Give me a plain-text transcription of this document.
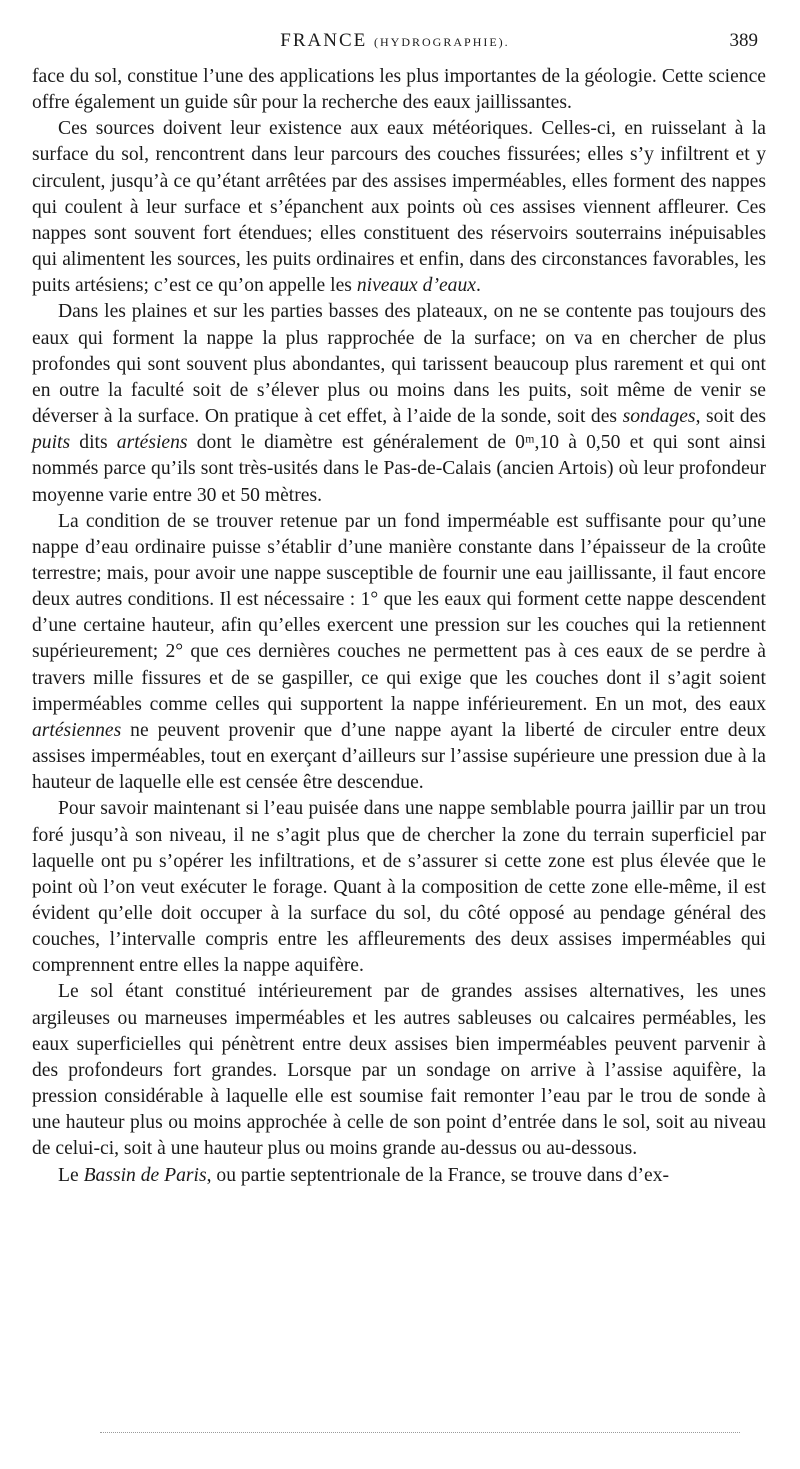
FRANCE (HYDROGRAPHIE).	389

face du sol, constitue l’une des applications les plus importantes de la géologie. Cette science offre également un guide sûr pour la recherche des eaux jaillissantes.

Ces sources doivent leur existence aux eaux météoriques. Celles-ci, en ruisselant à la surface du sol, rencontrent dans leur parcours des couches fissurées; elles s’y infiltrent et y circulent, jusqu’à ce qu’étant arrêtées par des assises imperméables, elles forment des nappes qui coulent à leur surface et s’épanchent aux points où ces assises viennent affleurer. Ces nappes sont souvent fort étendues; elles constituent des réservoirs souterrains inépuisables qui alimentent les sources, les puits ordinaires et enfin, dans des circonstances favorables, les puits artésiens; c’est ce qu’on appelle les niveaux d’eaux.

Dans les plaines et sur les parties basses des plateaux, on ne se contente pas toujours des eaux qui forment la nappe la plus rapprochée de la surface; on va en chercher de plus profondes qui sont souvent plus abondantes, qui tarissent beaucoup plus rarement et qui ont en outre la faculté soit de s’élever plus ou moins dans les puits, soit même de venir se déverser à la surface. On pratique à cet effet, à l’aide de la sonde, soit des sondages, soit des puits dits artésiens dont le diamètre est généralement de 0ᵐ,10 à 0,50 et qui sont ainsi nommés parce qu’ils sont très-usités dans le Pas-de-Calais (ancien Artois) où leur profondeur moyenne varie entre 30 et 50 mètres.

La condition de se trouver retenue par un fond imperméable est suffisante pour qu’une nappe d’eau ordinaire puisse s’établir d’une manière constante dans l’épaisseur de la croûte terrestre; mais, pour avoir une nappe susceptible de fournir une eau jaillissante, il faut encore deux autres conditions. Il est nécessaire : 1° que les eaux qui forment cette nappe descendent d’une certaine hauteur, afin qu’elles exercent une pression sur les couches qui la retiennent supérieurement; 2° que ces dernières couches ne permettent pas à ces eaux de se perdre à travers mille fissures et de se gaspiller, ce qui exige que les couches dont il s’agit soient imperméables comme celles qui supportent la nappe inférieurement. En un mot, des eaux artésiennes ne peuvent provenir que d’une nappe ayant la liberté de circuler entre deux assises imperméables, tout en exerçant d’ailleurs sur l’assise supérieure une pression due à la hauteur de laquelle elle est censée être descendue.

Pour savoir maintenant si l’eau puisée dans une nappe semblable pourra jaillir par un trou foré jusqu’à son niveau, il ne s’agit plus que de chercher la zone du terrain superficiel par laquelle ont pu s’opérer les infiltrations, et de s’assurer si cette zone est plus élevée que le point où l’on veut exécuter le forage. Quant à la composition de cette zone elle-même, il est évident qu’elle doit occuper à la surface du sol, du côté opposé au pendage général des couches, l’intervalle compris entre les affleurements des deux assises imperméables qui comprennent entre elles la nappe aquifère.

Le sol étant constitué intérieurement par de grandes assises alternatives, les unes argileuses ou marneuses imperméables et les autres sableuses ou calcaires perméables, les eaux superficielles qui pénètrent entre deux assises bien imperméables peuvent parvenir à des profondeurs fort grandes. Lorsque par un sondage on arrive à l’assise aquifère, la pression considérable à laquelle elle est soumise fait remonter l’eau par le trou de sonde à une hauteur plus ou moins approchée à celle de son point d’entrée dans le sol, soit au niveau de celui-ci, soit à une hauteur plus ou moins grande au-dessus ou au-dessous.

Le Bassin de Paris, ou partie septentrionale de la France, se trouve dans d’ex-
